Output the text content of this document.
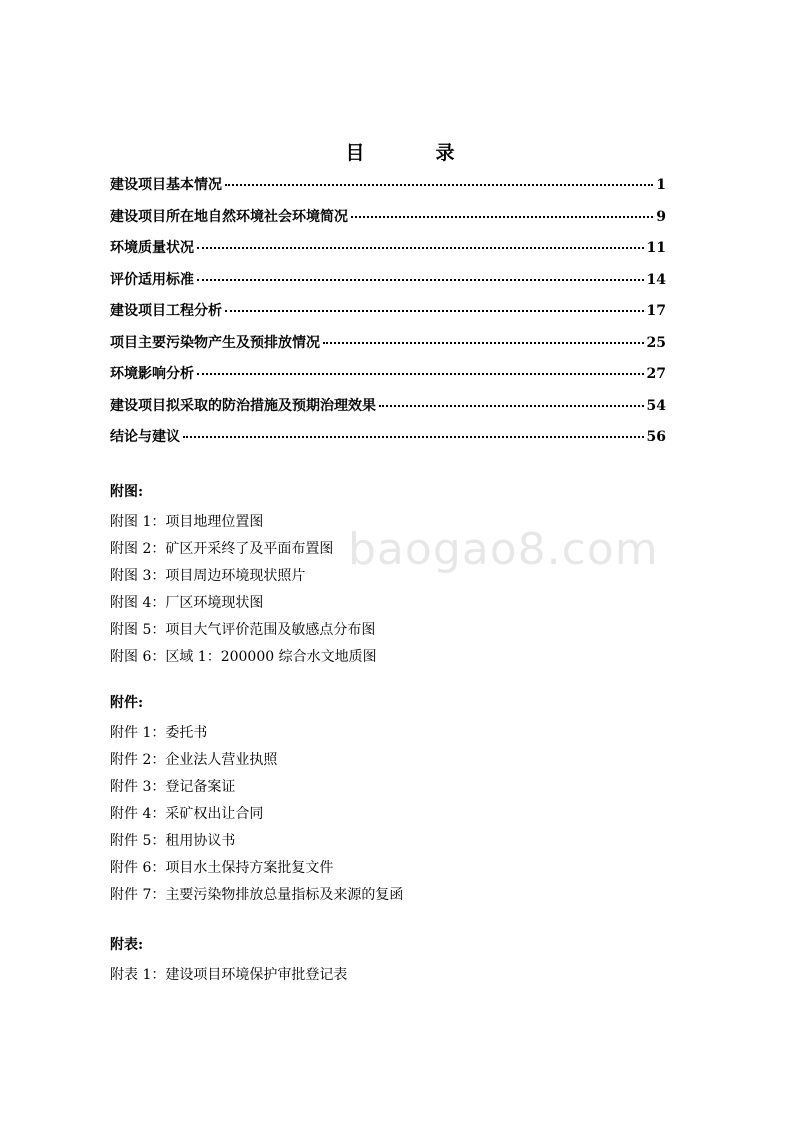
目　录
建设项目基本情况	1
建设项目所在地自然环境社会环境简况	9
环境质量状况	11
评价适用标准	14
建设项目工程分析	17
项目主要污染物产生及预排放情况	25
环境影响分析	27
建设项目拟采取的防治措施及预期治理效果	54
结论与建议	56
附图:
附图 1：项目地理位置图
附图 2：矿区开采终了及平面布置图
附图 3：项目周边环境现状照片
附图 4：厂区环境现状图
附图 5：项目大气评价范围及敏感点分布图
附图 6：区域 1：200000 综合水文地质图
附件:
附件 1：委托书
附件 2：企业法人营业执照
附件 3：登记备案证
附件 4：采矿权出让合同
附件 5：租用协议书
附件 6：项目水土保持方案批复文件
附件 7：主要污染物排放总量指标及来源的复函
附表:
附表 1：建设项目环境保护审批登记表
baogao8.com
